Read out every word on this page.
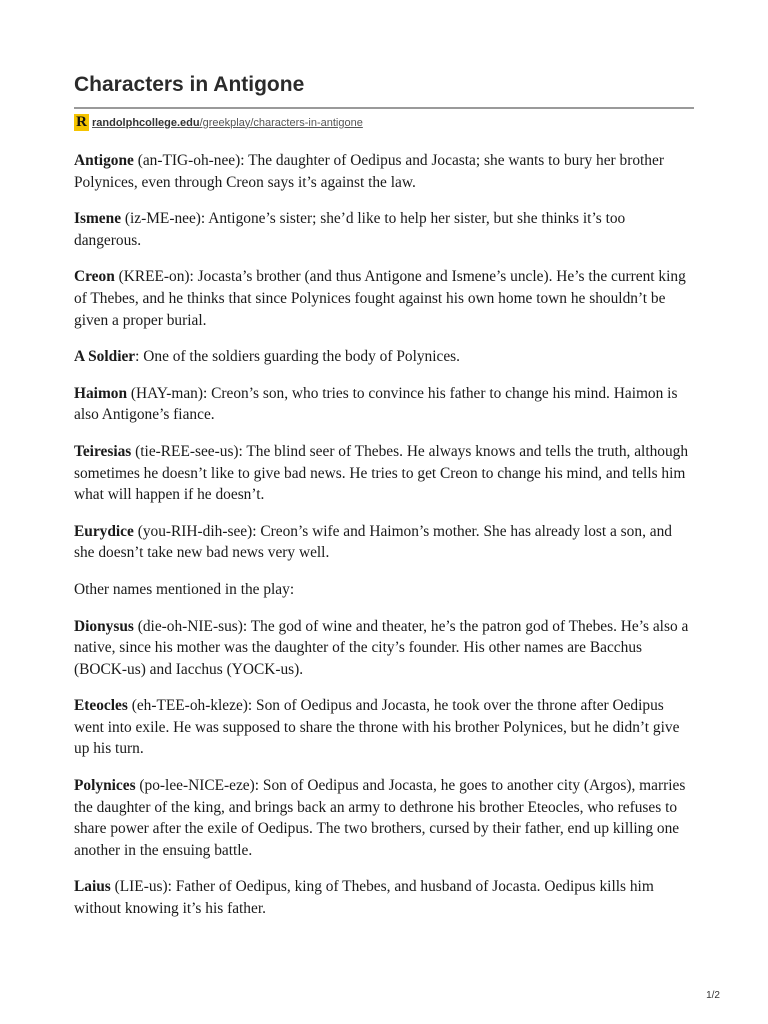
Characters in Antigone
R randolphcollege.edu/greekplay/characters-in-antigone

Antigone (an-TIG-oh-nee): The daughter of Oedipus and Jocasta; she wants to bury her brother Polynices, even through Creon says it’s against the law.

Ismene (iz-ME-nee): Antigone’s sister; she’d like to help her sister, but she thinks it’s too dangerous.

Creon (KREE-on): Jocasta’s brother (and thus Antigone and Ismene’s uncle). He’s the current king of Thebes, and he thinks that since Polynices fought against his own home town he shouldn’t be given a proper burial.

A Soldier: One of the soldiers guarding the body of Polynices.

Haimon (HAY-man): Creon’s son, who tries to convince his father to change his mind. Haimon is also Antigone’s fiance.

Teiresias (tie-REE-see-us): The blind seer of Thebes. He always knows and tells the truth, although sometimes he doesn’t like to give bad news. He tries to get Creon to change his mind, and tells him what will happen if he doesn’t.

Eurydice (you-RIH-dih-see): Creon’s wife and Haimon’s mother. She has already lost a son, and she doesn’t take new bad news very well.

Other names mentioned in the play:

Dionysus (die-oh-NIE-sus): The god of wine and theater, he’s the patron god of Thebes. He’s also a native, since his mother was the daughter of the city’s founder. His other names are Bacchus (BOCK-us) and Iacchus (YOCK-us).

Eteocles (eh-TEE-oh-kleze): Son of Oedipus and Jocasta, he took over the throne after Oedipus went into exile. He was supposed to share the throne with his brother Polynices, but he didn’t give up his turn.

Polynices (po-lee-NICE-eze): Son of Oedipus and Jocasta, he goes to another city (Argos), marries the daughter of the king, and brings back an army to dethrone his brother Eteocles, who refuses to share power after the exile of Oedipus. The two brothers, cursed by their father, end up killing one another in the ensuing battle.

Laius (LIE-us): Father of Oedipus, king of Thebes, and husband of Jocasta. Oedipus kills him without knowing it’s his father.

1/2
